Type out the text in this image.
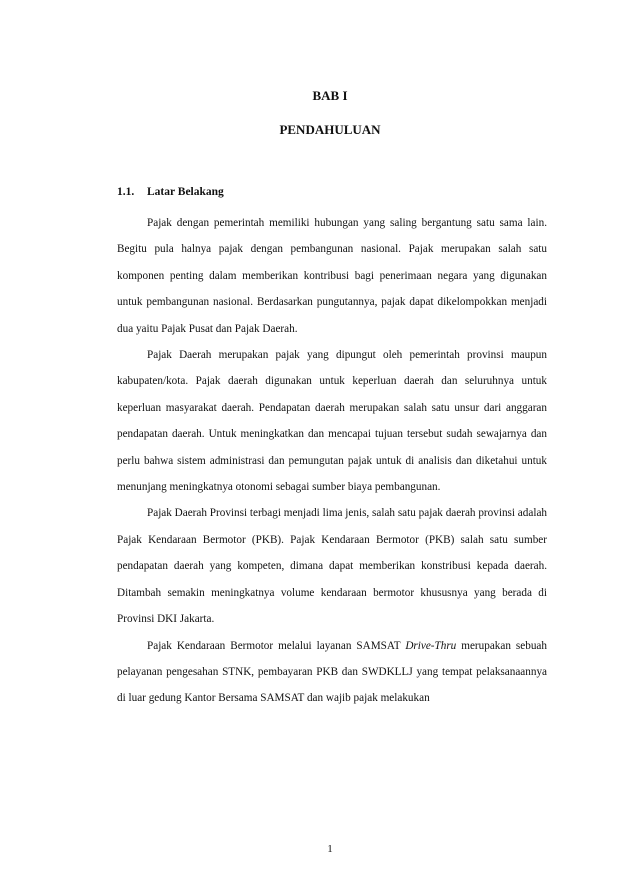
BAB I
PENDAHULUAN
1.1. Latar Belakang

Pajak dengan pemerintah memiliki hubungan yang saling bergantung satu sama lain. Begitu pula halnya pajak dengan pembangunan nasional. Pajak merupakan salah satu komponen penting dalam memberikan kontribusi bagi penerimaan negara yang digunakan untuk pembangunan nasional. Berdasarkan pungutannya, pajak dapat dikelompokkan menjadi dua yaitu Pajak Pusat dan Pajak Daerah.

Pajak Daerah merupakan pajak yang dipungut oleh pemerintah provinsi maupun kabupaten/kota. Pajak daerah digunakan untuk keperluan daerah dan seluruhnya untuk keperluan masyarakat daerah. Pendapatan daerah merupakan salah satu unsur dari anggaran pendapatan daerah. Untuk meningkatkan dan mencapai tujuan tersebut sudah sewajarnya dan perlu bahwa sistem administrasi dan pemungutan pajak untuk di analisis dan diketahui untuk menunjang meningkatnya otonomi sebagai sumber biaya pembangunan.

Pajak Daerah Provinsi terbagi menjadi lima jenis, salah satu pajak daerah provinsi adalah Pajak Kendaraan Bermotor (PKB). Pajak Kendaraan Bermotor (PKB) salah satu sumber pendapatan daerah yang kompeten, dimana dapat memberikan konstribusi kepada daerah. Ditambah semakin meningkatnya volume kendaraan bermotor khususnya yang berada di Provinsi DKI Jakarta.

Pajak Kendaraan Bermotor melalui layanan SAMSAT Drive-Thru merupakan sebuah pelayanan pengesahan STNK, pembayaran PKB dan SWDKLLJ yang tempat pelaksanaannya di luar gedung Kantor Bersama SAMSAT dan wajib pajak melakukan

1
